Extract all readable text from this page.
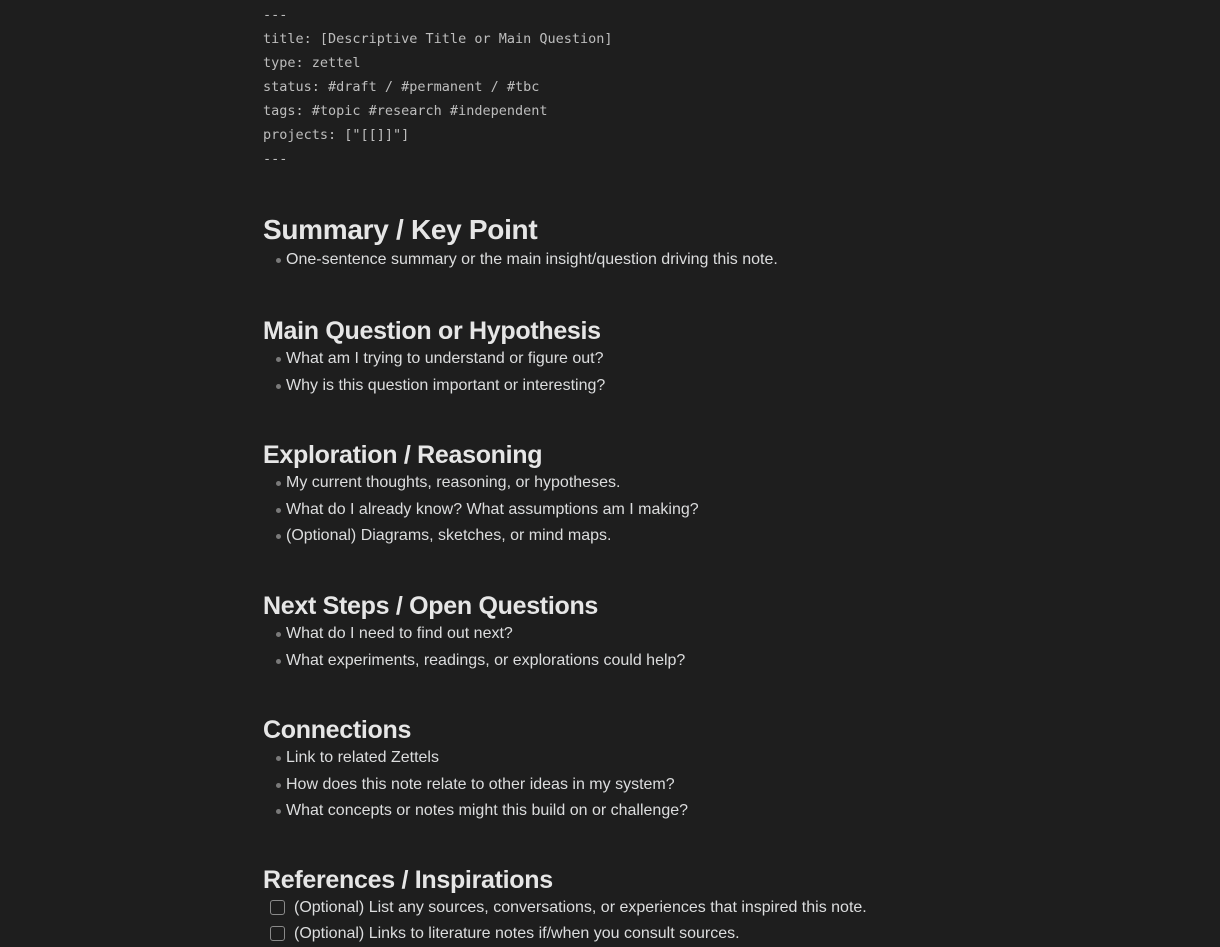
---
title: [Descriptive Title or Main Question]
type: zettel
status: #draft / #permanent / #tbc
tags: #topic #research #independent
projects: ["[[]]"]
---
Summary / Key Point
One-sentence summary or the main insight/question driving this note.
Main Question or Hypothesis
What am I trying to understand or figure out?
Why is this question important or interesting?
Exploration / Reasoning
My current thoughts, reasoning, or hypotheses.
What do I already know? What assumptions am I making?
(Optional) Diagrams, sketches, or mind maps.
Next Steps / Open Questions
What do I need to find out next?
What experiments, readings, or explorations could help?
Connections
Link to related Zettels
How does this note relate to other ideas in my system?
What concepts or notes might this build on or challenge?
References / Inspirations
(Optional) List any sources, conversations, or experiences that inspired this note.
(Optional) Links to literature notes if/when you consult sources.
